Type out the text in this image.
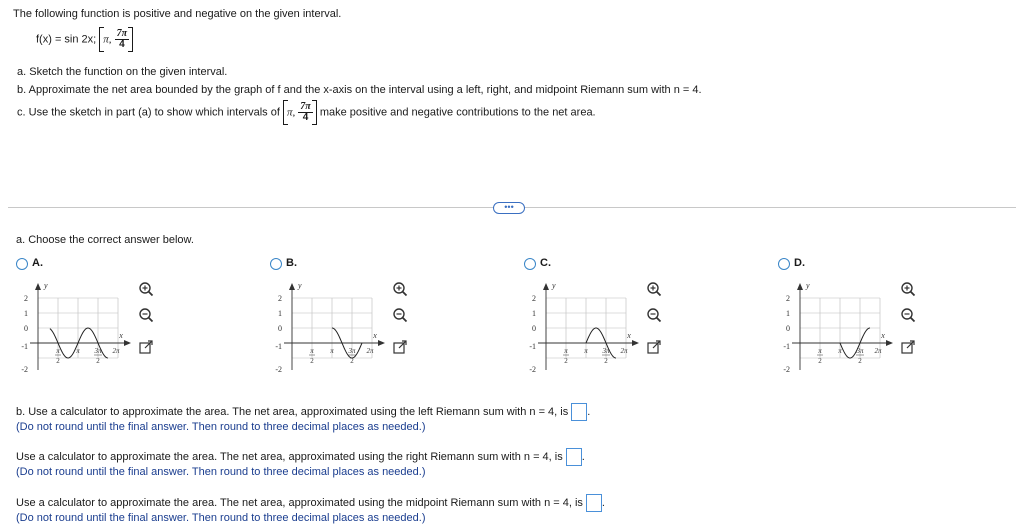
The following function is positive and negative on the given interval.
f(x) = sin 2x; π, $\frac{7\pi}{4}$
a. Sketch the function on the given interval.
b. Approximate the net area bounded by the graph of f and the x-axis on the interval using a left, right, and midpoint Riemann sum with n = 4.
c. Use the sketch in part (a) to show which intervals of π, $\frac{7\pi}{4}$ make positive and negative contributions to the net area.
•••
a. Choose the correct answer below.
A.
y
x
2
1
0
-1
-2
π
2
π 3π
2
2π
B.
y
x
2
1
0
-1
-2
π
2
π 3π
2
2π
C.
y
x
2
1
0
-1
-2
π
2
π 3π
2
2π
D.
y
x
2
1
0
-1
-2
π
2
π 3π
2
2π
b. Use a calculator to approximate the area. The net area, approximated using the left Riemann sum with n = 4, is .
(Do not round until the final answer. Then round to three decimal places as needed.)
Use a calculator to approximate the area. The net area, approximated using the right Riemann sum with n = 4, is .
(Do not round until the final answer. Then round to three decimal places as needed.)
Use a calculator to approximate the area. The net area, approximated using the midpoint Riemann sum with n = 4, is .
(Do not round until the final answer. Then round to three decimal places as needed.)
